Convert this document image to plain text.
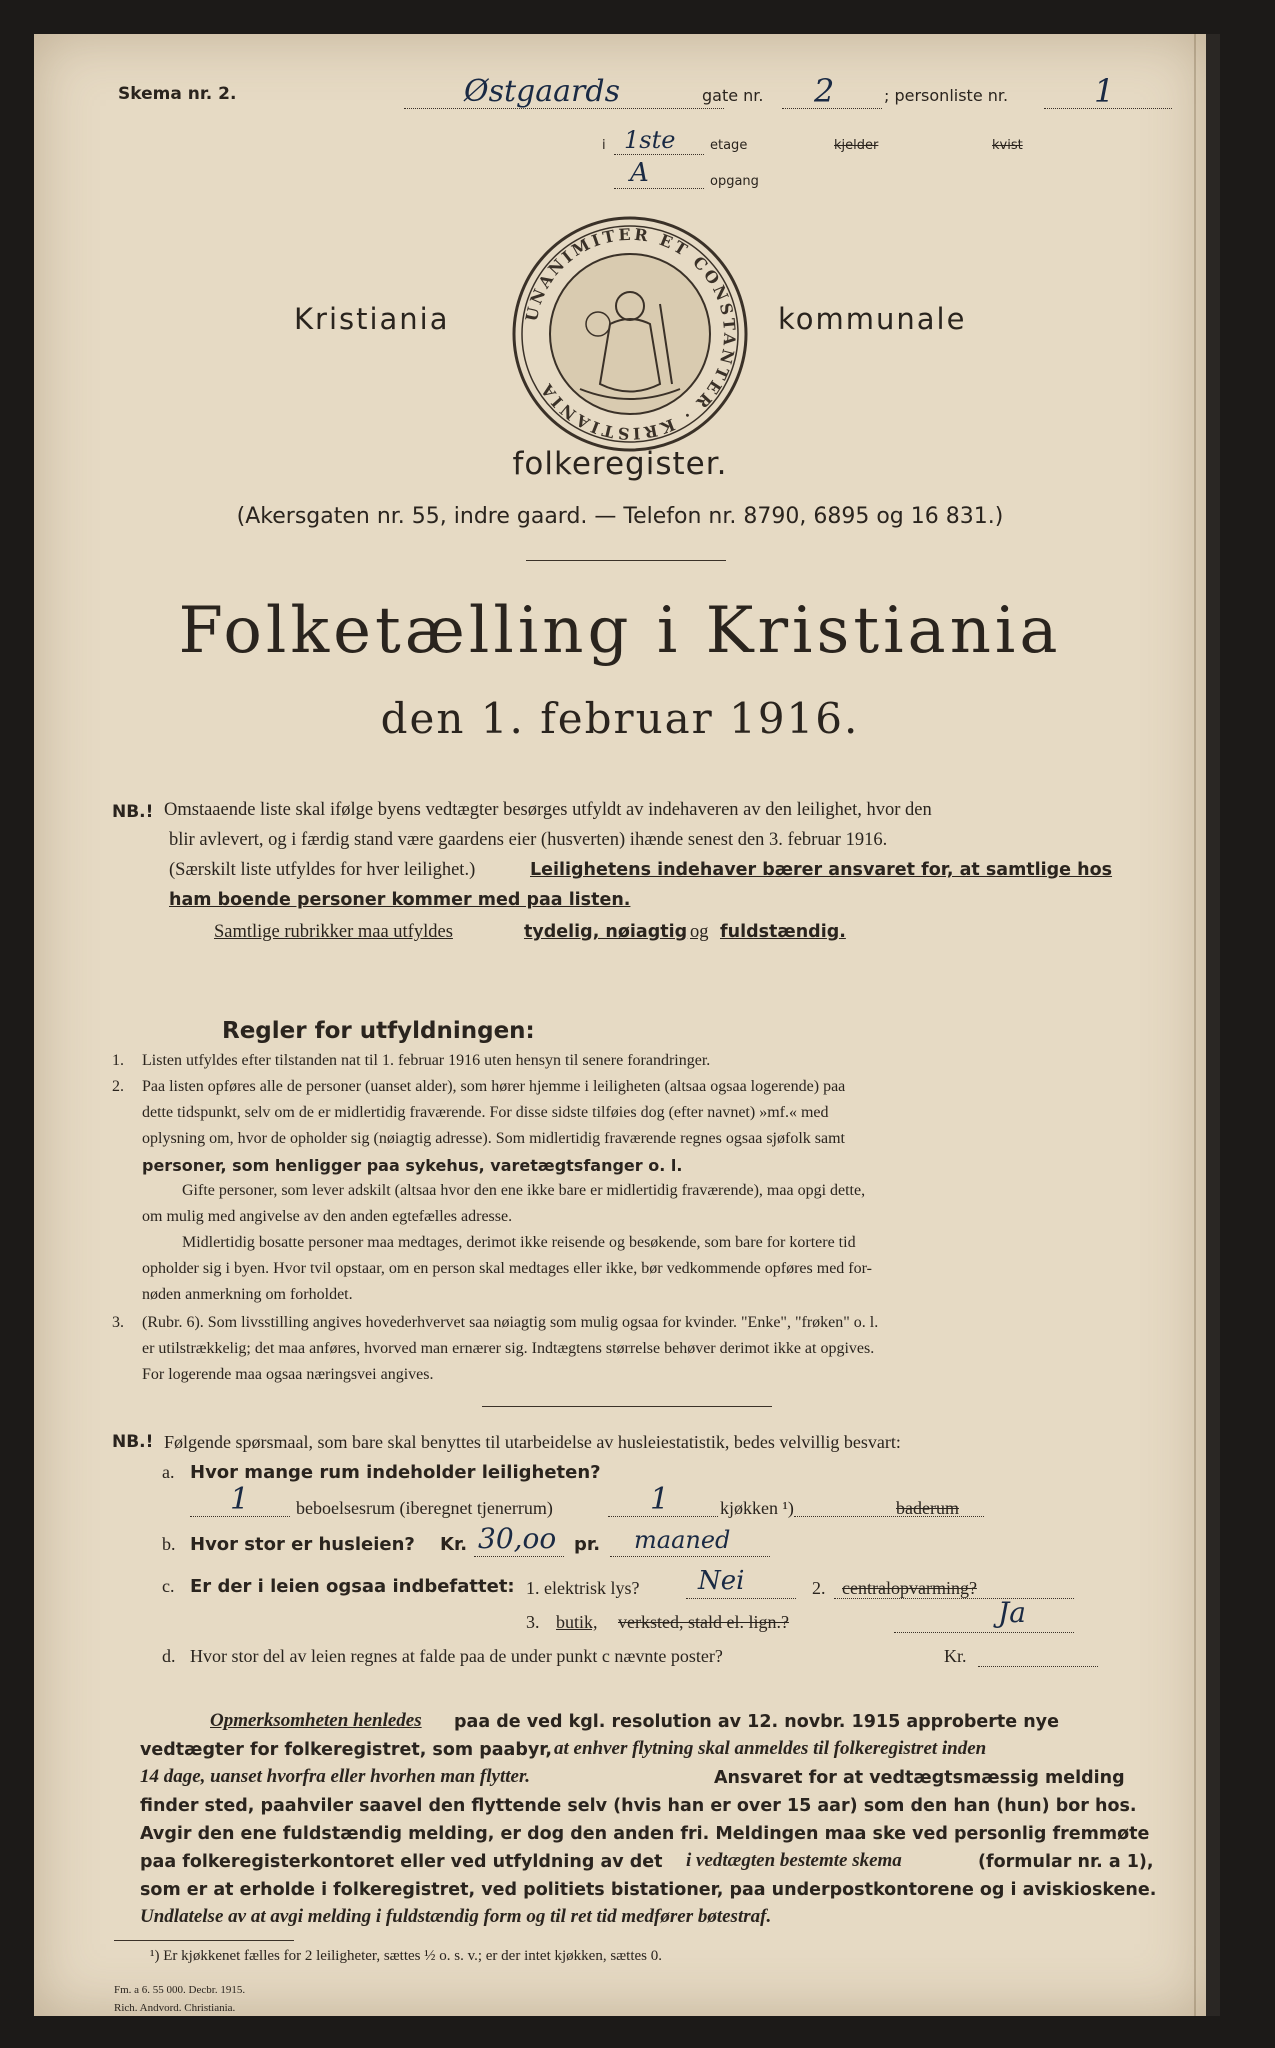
Skema nr. 2.	Østgaards	gate nr. 2	; personliste nr.	1
i 1ste	etage	kjelder	kvist
A	opgang
Kristiania	UNANIMITER ET CONSTANTER · KRISTIANIA
kommunale
folkeregister.
(Akersgaten nr. 55, indre gaard. — Telefon nr. 8790, 6895 og 16 831.)
Folketælling i Kristiania
den 1. februar 1916.
NB.! Omstaaende liste skal ifølge byens vedtægter besørges utfyldt av indehaveren av den leilighet, hvor den
blir avlevert, og i færdig stand være gaardens eier (husverten) ihænde senest den 3. februar 1916.
(Særskilt liste utfyldes for hver leilighet.)	Leilighetens indehaver bærer ansvaret for, at samtlige hos
ham boende personer kommer med paa listen.
Samtlige rubrikker maa utfyldes	tydelig, nøiagtig og fuldstændig.
Regler for utfyldningen:
1. Listen utfyldes efter tilstanden nat til 1. februar 1916 uten hensyn til senere forandringer.
2. Paa listen opføres alle de personer (uanset alder), som hører hjemme i leiligheten (altsaa ogsaa logerende) paa
dette tidspunkt, selv om de er midlertidig fraværende. For disse sidste tilføies dog (efter navnet) »mf.« med
oplysning om, hvor de opholder sig (nøiagtig adresse). Som midlertidig fraværende regnes ogsaa sjøfolk samt
personer, som henligger paa sykehus, varetægtsfanger o. l.
Gifte personer, som lever adskilt (altsaa hvor den ene ikke bare er midlertidig fraværende), maa opgi dette,
om mulig med angivelse av den anden egtefælles adresse.
Midlertidig bosatte personer maa medtages, derimot ikke reisende og besøkende, som bare for kortere tid
opholder sig i byen. Hvor tvil opstaar, om en person skal medtages eller ikke, bør vedkommende opføres med for-
nøden anmerkning om forholdet.
3. (Rubr. 6). Som livsstilling angives hovederhvervet saa nøiagtig som mulig ogsaa for kvinder. "Enke", "frøken" o. l.
er utilstrækkelig; det maa anføres, hvorved man ernærer sig. Indtægtens størrelse behøver derimot ikke at opgives.
For logerende maa ogsaa næringsvei angives.
NB.! Følgende spørsmaal, som bare skal benyttes til utarbeidelse av husleiestatistik, bedes velvillig besvart:
a. Hvor mange rum indeholder leiligheten?
1	beboelsesrum (iberegnet tjenerrum)	1	kjøkken ¹)	baderum
b. Hvor stor er husleien? Kr. 30,oo pr. maaned
c. Er der i leien ogsaa indbefattet: 1. elektrisk lys? Nei	2. centralopvarming?
3. butik, verksted, stald el. lign.?	Ja
d. Hvor stor del av leien regnes at falde paa de under punkt c nævnte poster?	Kr.
Opmerksomheten henledes paa de ved kgl. resolution av 12. novbr. 1915 approberte nye
vedtægter for folkeregistret, som paabyr, at enhver flytning skal anmeldes til folkeregistret inden
14 dage, uanset hvorfra eller hvorhen man flytter.	Ansvaret for at vedtægtsmæssig melding
finder sted, paahviler saavel den flyttende selv (hvis han er over 15 aar) som den han (hun) bor hos.
Avgir den ene fuldstændig melding, er dog den anden fri. Meldingen maa ske ved personlig fremmøte
paa folkeregisterkontoret eller ved utfyldning av det i vedtægten bestemte skema	(formular nr. a 1),
som er at erholde i folkeregistret, ved politiets bistationer, paa underpostkontorene og i aviskioskene.
Undlatelse av at avgi melding i fuldstændig form og til ret tid medfører bøtestraf.
¹) Er kjøkkenet fælles for 2 leiligheter, sættes ½ o. s. v.; er der intet kjøkken, sættes 0.
Fm. a 6. 55 000. Decbr. 1915.
Rich. Andvord. Christiania.
